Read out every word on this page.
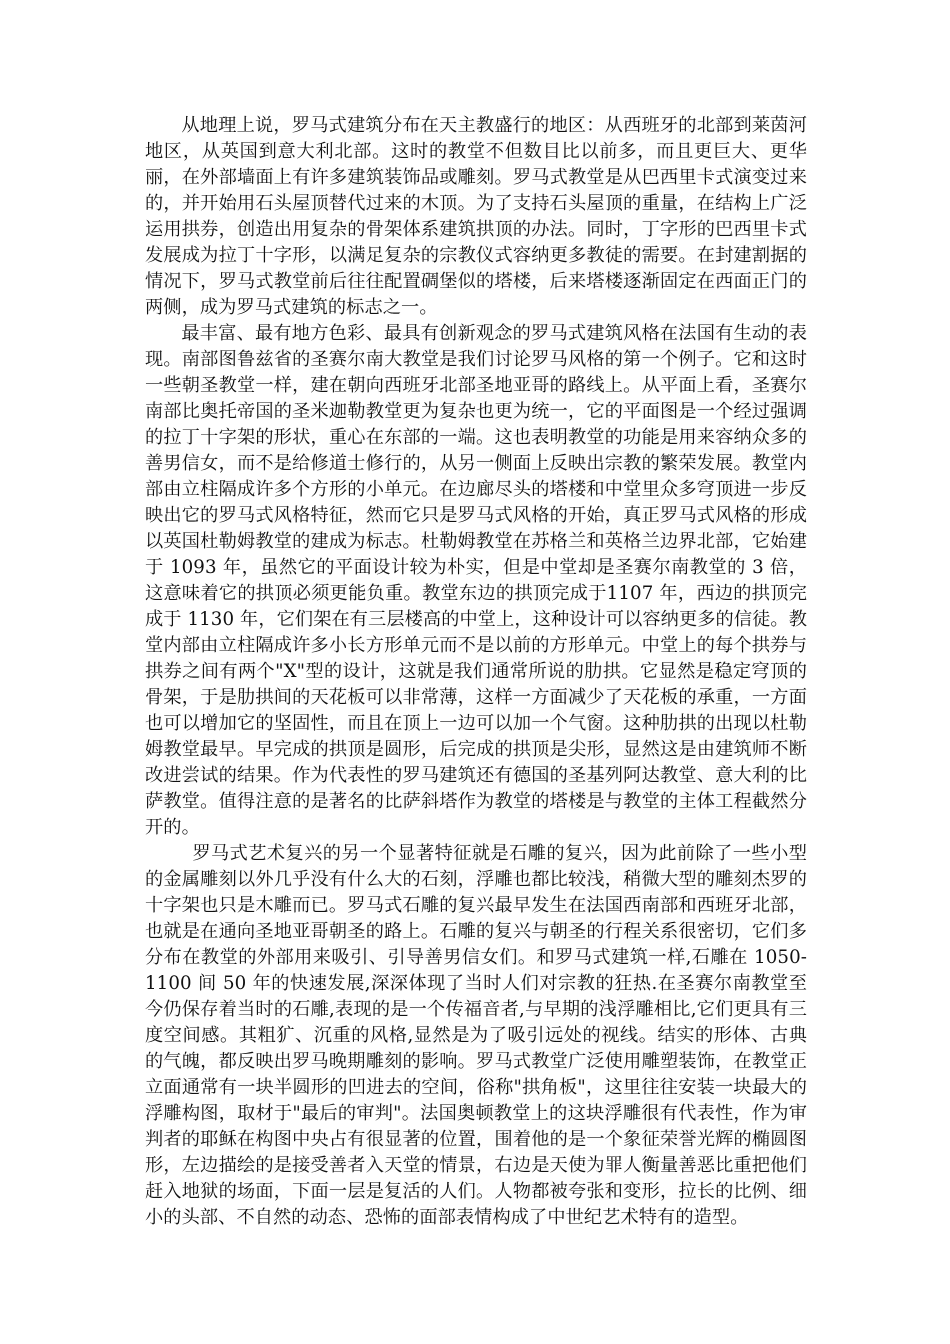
从地理上说，罗马式建筑分布在天主教盛行的地区：从西班牙的北部到莱茵河地区，从英国到意大利北部。这时的教堂不但数目比以前多，而且更巨大、更华丽，在外部墙面上有许多建筑装饰品或雕刻。罗马式教堂是从巴西里卡式演变过来的，并开始用石头屋顶替代过来的木顶。为了支持石头屋顶的重量，在结构上广泛运用拱券，创造出用复杂的骨架体系建筑拱顶的办法。同时，丁字形的巴西里卡式发展成为拉丁十字形，以满足复杂的宗教仪式容纳更多教徒的需要。在封建割据的情况下，罗马式教堂前后往往配置碉堡似的塔楼，后来塔楼逐渐固定在西面正门的两侧，成为罗马式建筑的标志之一。

最丰富、最有地方色彩、最具有创新观念的罗马式建筑风格在法国有生动的表现。南部图鲁兹省的圣赛尔南大教堂是我们讨论罗马风格的第一个例子。它和这时一些朝圣教堂一样，建在朝向西班牙北部圣地亚哥的路线上。从平面上看，圣赛尔南部比奥托帝国的圣米迦勒教堂更为复杂也更为统一，它的平面图是一个经过强调的拉丁十字架的形状，重心在东部的一端。这也表明教堂的功能是用来容纳众多的善男信女，而不是给修道士修行的，从另一侧面上反映出宗教的繁荣发展。教堂内部由立柱隔成许多个方形的小单元。在边廊尽头的塔楼和中堂里众多穹顶进一步反映出它的罗马式风格特征，然而它只是罗马式风格的开始，真正罗马式风格的形成以英国杜勒姆教堂的建成为标志。杜勒姆教堂在苏格兰和英格兰边界北部，它始建于 1093 年，虽然它的平面设计较为朴实，但是中堂却是圣赛尔南教堂的 3 倍，这意味着它的拱顶必须更能负重。教堂东边的拱顶完成于1107 年，西边的拱顶完成于 1130 年，它们架在有三层楼高的中堂上，这种设计可以容纳更多的信徒。教堂内部由立柱隔成许多小长方形单元而不是以前的方形单元。中堂上的每个拱券与拱券之间有两个"X"型的设计，这就是我们通常所说的肋拱。它显然是稳定穹顶的骨架，于是肋拱间的天花板可以非常薄，这样一方面减少了天花板的承重，一方面也可以增加它的坚固性，而且在顶上一边可以加一个气窗。这种肋拱的出现以杜勒姆教堂最早。早完成的拱顶是圆形，后完成的拱顶是尖形，显然这是由建筑师不断改进尝试的结果。作为代表性的罗马建筑还有德国的圣基列阿达教堂、意大利的比萨教堂。值得注意的是著名的比萨斜塔作为教堂的塔楼是与教堂的主体工程截然分开的。

罗马式艺术复兴的另一个显著特征就是石雕的复兴，因为此前除了一些小型的金属雕刻以外几乎没有什么大的石刻，浮雕也都比较浅，稍微大型的雕刻杰罗的十字架也只是木雕而已。罗马式石雕的复兴最早发生在法国西南部和西班牙北部，也就是在通向圣地亚哥朝圣的路上。石雕的复兴与朝圣的行程关系很密切，它们多分布在教堂的外部用来吸引、引导善男信女们。和罗马式建筑一样,石雕在 1050-1100 间 50 年的快速发展,深深体现了当时人们对宗教的狂热.在圣赛尔南教堂至今仍保存着当时的石雕,表现的是一个传福音者,与早期的浅浮雕相比,它们更具有三度空间感。其粗犷、沉重的风格,显然是为了吸引远处的视线。结实的形体、古典的气魄，都反映出罗马晚期雕刻的影响。罗马式教堂广泛使用雕塑装饰，在教堂正立面通常有一块半圆形的凹进去的空间，俗称"拱角板"，这里往往安装一块最大的浮雕构图，取材于"最后的审判"。法国奥顿教堂上的这块浮雕很有代表性，作为审判者的耶稣在构图中央占有很显著的位置，围着他的是一个象征荣誉光辉的椭圆图形，左边描绘的是接受善者入天堂的情景，右边是天使为罪人衡量善恶比重把他们赶入地狱的场面，下面一层是复活的人们。人物都被夸张和变形，拉长的比例、细小的头部、不自然的动态、恐怖的面部表情构成了中世纪艺术特有的造型。
